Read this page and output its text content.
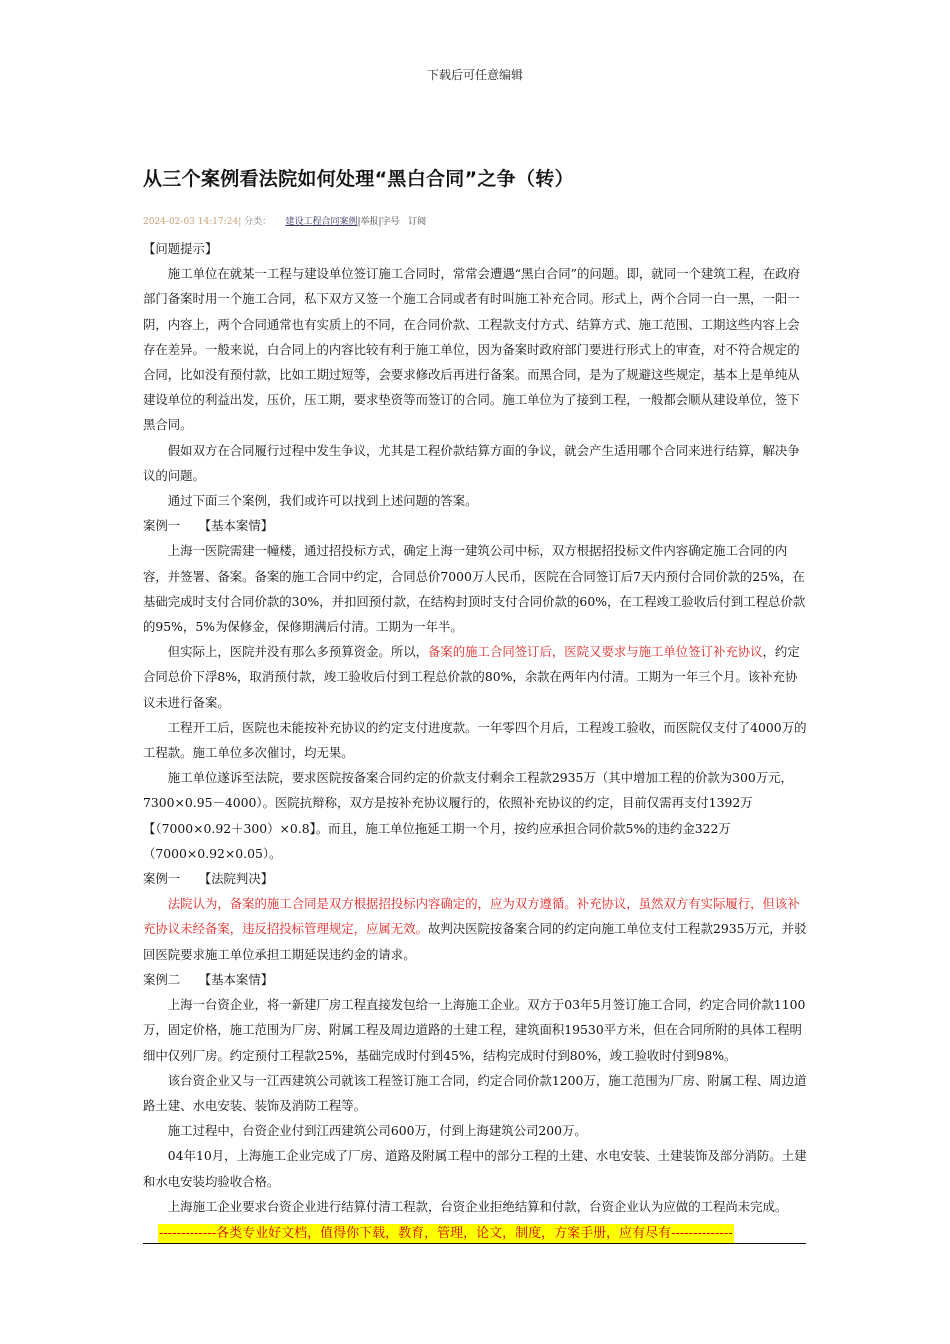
下载后可任意编辑
从三个案例看法院如何处理“黑白合同”之争（转）
2024-02-03 14:17:24| 分类： 建设工程合同案例|举报|字号 订阅

【问题提示】

施工单位在就某一工程与建设单位签订施工合同时，常常会遭遇“黑白合同”的问题。即，就同一个建筑工程，在政府部门备案时用一个施工合同，私下双方又签一个施工合同或者有时叫施工补充合同。形式上，两个合同一白一黑，一阳一阴，内容上，两个合同通常也有实质上的不同，在合同价款、工程款支付方式、结算方式、施工范围、工期这些内容上会存在差异。一般来说，白合同上的内容比较有利于施工单位，因为备案时政府部门要进行形式上的审查，对不符合规定的合同，比如没有预付款，比如工期过短等，会要求修改后再进行备案。而黑合同，是为了规避这些规定，基本上是单纯从建设单位的利益出发，压价，压工期，要求垫资等而签订的合同。施工单位为了接到工程，一般都会顺从建设单位，签下黑合同。

假如双方在合同履行过程中发生争议，尤其是工程价款结算方面的争议，就会产生适用哪个合同来进行结算，解决争议的问题。

通过下面三个案例，我们或许可以找到上述问题的答案。

案例一　　【基本案情】

上海一医院需建一幢楼，通过招投标方式，确定上海一建筑公司中标，双方根据招投标文件内容确定施工合同的内容，并签署、备案。备案的施工合同中约定，合同总价7000万人民币，医院在合同签订后7天内预付合同价款的25%，在基础完成时支付合同价款的30%，并扣回预付款，在结构封顶时支付合同价款的60%，在工程竣工验收后付到工程总价款的95%，5%为保修金，保修期满后付清。工期为一年半。

但实际上，医院并没有那么多预算资金。所以，备案的施工合同签订后，医院又要求与施工单位签订补充协议，约定合同总价下浮8%，取消预付款，竣工验收后付到工程总价款的80%，余款在两年内付清。工期为一年三个月。该补充协议未进行备案。

工程开工后，医院也未能按补充协议的约定支付进度款。一年零四个月后，工程竣工验收，而医院仅支付了4000万的工程款。施工单位多次催讨，均无果。

施工单位遂诉至法院，要求医院按备案合同约定的价款支付剩余工程款2935万（其中增加工程的价款为300万元，7300×0.95－4000）。医院抗辩称，双方是按补充协议履行的，依照补充协议的约定，目前仅需再支付1392万【（7000×0.92＋300）×0.8】。而且，施工单位拖延工期一个月，按约应承担合同价款5%的违约金322万（7000×0.92×0.05）。

案例一　　【法院判决】

法院认为，备案的施工合同是双方根据招投标内容确定的，应为双方遵循。补充协议，虽然双方有实际履行，但该补充协议未经备案，违反招投标管理规定，应属无效。故判决医院按备案合同的约定向施工单位支付工程款2935万元，并驳回医院要求施工单位承担工期延误违约金的请求。

案例二　　【基本案情】

上海一台资企业，将一新建厂房工程直接发包给一上海施工企业。双方于03年5月签订施工合同，约定合同价款1100万，固定价格，施工范围为厂房、附属工程及周边道路的土建工程，建筑面积19530平方米，但在合同所附的具体工程明细中仅列厂房。约定预付工程款25%，基础完成时付到45%，结构完成时付到80%，竣工验收时付到98%。

该台资企业又与一江西建筑公司就该工程签订施工合同，约定合同价款1200万，施工范围为厂房、附属工程、周边道路土建、水电安装、装饰及消防工程等。

施工过程中，台资企业付到江西建筑公司600万，付到上海建筑公司200万。

04年10月，上海施工企业完成了厂房、道路及附属工程中的部分工程的土建、水电安装、土建装饰及部分消防。土建和水电安装均验收合格。

上海施工企业要求台资企业进行结算付清工程款，台资企业拒绝结算和付款，台资企业认为应做的工程尚未完成。

-------------各类专业好文档，值得你下载，教育，管理，论文，制度，方案手册，应有尽有--------------
